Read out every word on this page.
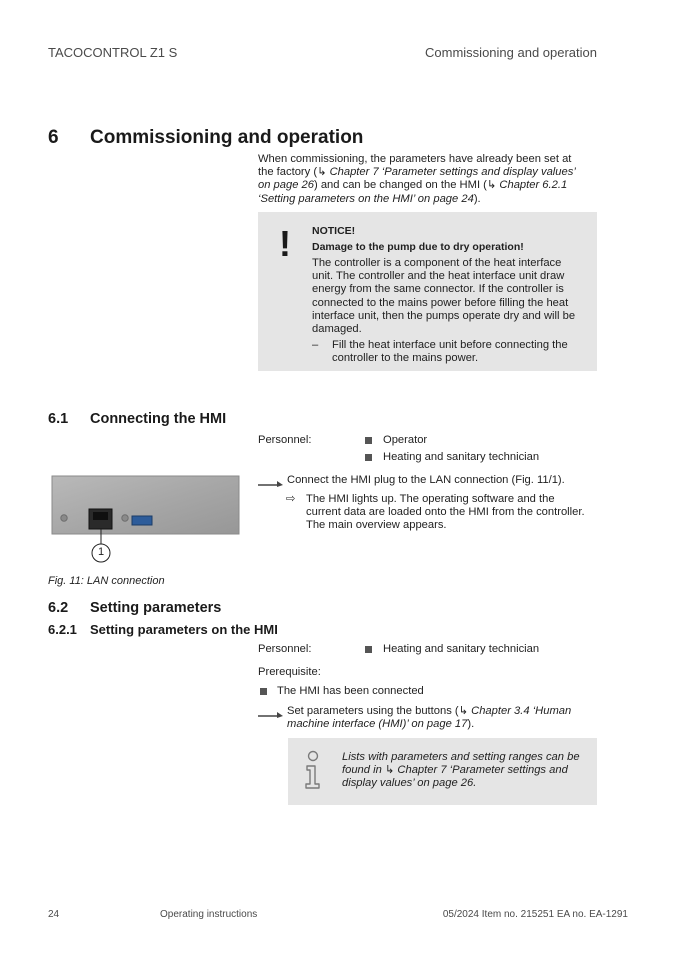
TACOCONTROL Z1 S	Commissioning and operation
6 Commissioning and operation
When commissioning, the parameters have already been set at the factory (↳ Chapter 7 ‘Parameter settings and display values’ on page 26) and can be changed on the HMI (↳ Chapter 6.2.1 ‘Setting parameters on the HMI’ on page 24).
! NOTICE!
Damage to the pump due to dry operation!
The controller is a component of the heat interface unit. The controller and the heat interface unit draw energy from the same connector. If the controller is connected to the mains power before filling the heat interface unit, then the pumps operate dry and will be damaged.
– Fill the heat interface unit before connecting the controller to the mains power.
6.1 Connecting the HMI
Personnel:	Operator
Heating and sanitary technician
Connect the HMI plug to the LAN connection (Fig. 11/1).
⇨ The HMI lights up. The operating software and the current data are loaded onto the HMI from the controller. The main overview appears.
1
Fig. 11: LAN connection
6.2 Setting parameters
6.2.1 Setting parameters on the HMI
Personnel:	Heating and sanitary technician
Prerequisite:
The HMI has been connected
Set parameters using the buttons (↳ Chapter 3.4 ‘Human machine interface (HMI)’ on page 17).
Lists with parameters and setting ranges can be found in ↳ Chapter 7 ‘Parameter settings and display values’ on page 26.
24	Operating instructions	05/2024 Item no. 215251 EA no. EA-1291
